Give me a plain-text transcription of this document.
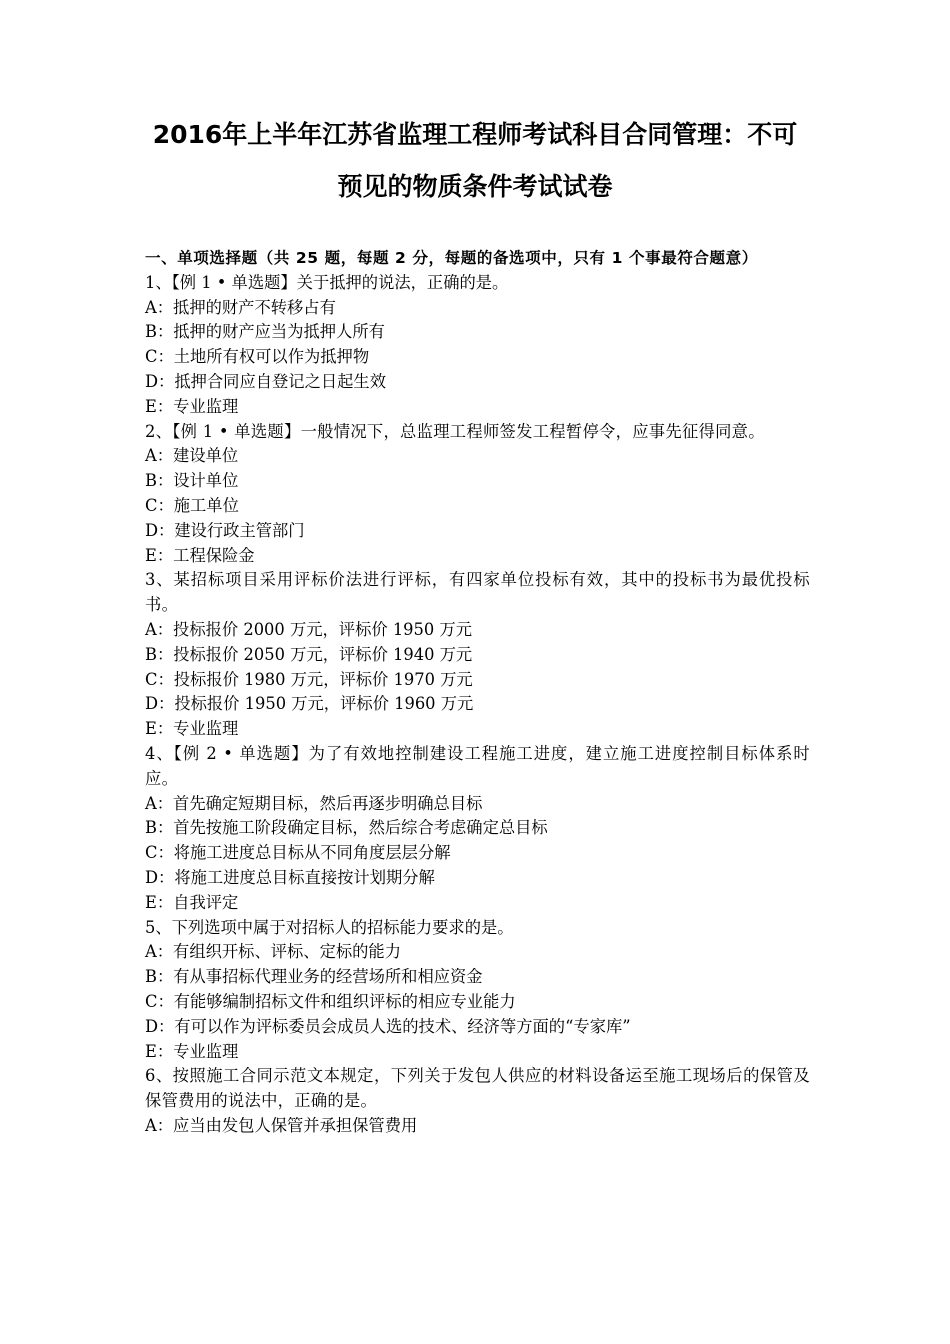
2016年上半年江苏省监理工程师考试科目合同管理：不可
预见的物质条件考试试卷

一、单项选择题（共 25 题，每题 2 分，每题的备选项中，只有 1 个事最符合题意）

1、【例 1 • 单选题】关于抵押的说法，正确的是。

A：抵押的财产不转移占有

B：抵押的财产应当为抵押人所有

C：土地所有权可以作为抵押物

D：抵押合同应自登记之日起生效

E：专业监理

2、【例 1 • 单选题】一般情况下，总监理工程师签发工程暂停令，应事先征得同意。

A：建设单位

B：设计单位

C：施工单位

D：建设行政主管部门

E：工程保险金

3、某招标项目采用评标价法进行评标，有四家单位投标有效，其中的投标书为最优投标书。

A：投标报价 2000 万元，评标价 1950 万元

B：投标报价 2050 万元，评标价 1940 万元

C：投标报价 1980 万元，评标价 1970 万元

D：投标报价 1950 万元，评标价 1960 万元

E：专业监理

4、【例 2 • 单选题】为了有效地控制建设工程施工进度，建立施工进度控制目标体系时应。

A：首先确定短期目标，然后再逐步明确总目标

B：首先按施工阶段确定目标，然后综合考虑确定总目标

C：将施工进度总目标从不同角度层层分解

D：将施工进度总目标直接按计划期分解

E：自我评定

5、下列选项中属于对招标人的招标能力要求的是。

A：有组织开标、评标、定标的能力

B：有从事招标代理业务的经营场所和相应资金

C：有能够编制招标文件和组织评标的相应专业能力

D：有可以作为评标委员会成员人选的技术、经济等方面的“专家库”

E：专业监理

6、按照施工合同示范文本规定，下列关于发包人供应的材料设备运至施工现场后的保管及保管费用的说法中，正确的是。

A：应当由发包人保管并承担保管费用
